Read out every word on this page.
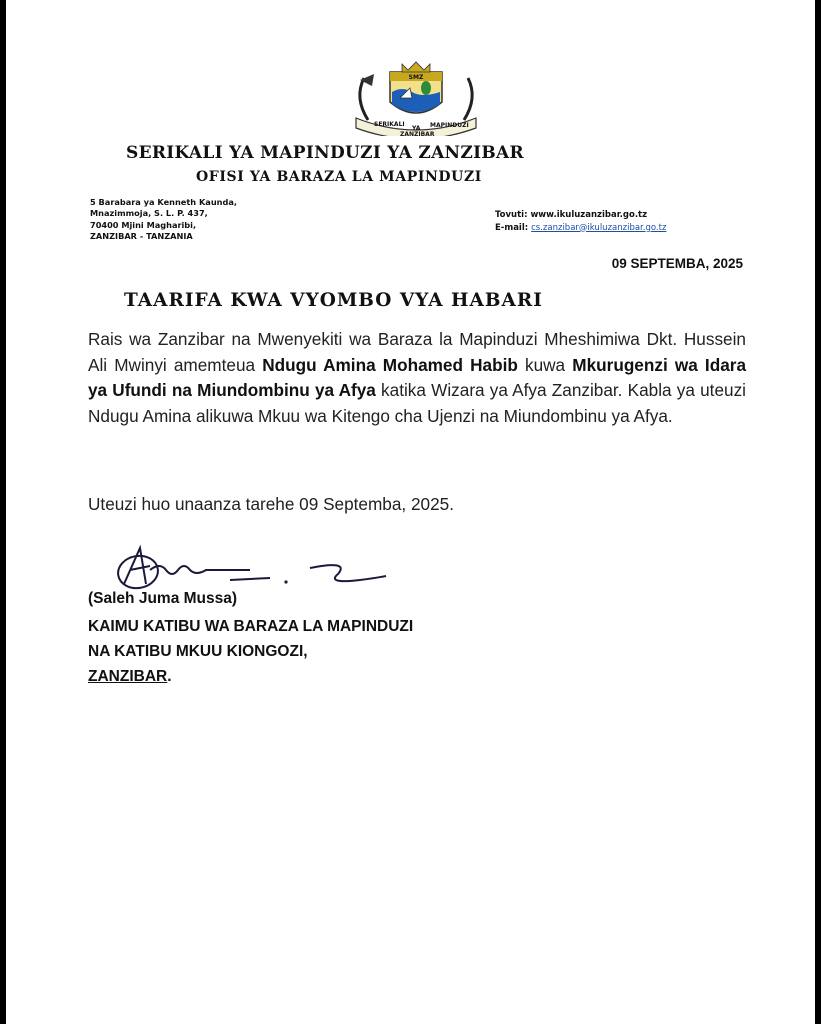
SMZ
SERIKALI
YA MAPINDUZI
ZANZIBAR
SERIKALI YA MAPINDUZI YA ZANZIBAR
OFISI YA BARAZA LA MAPINDUZI
5 Barabara ya Kenneth Kaunda,
Mnazimmoja, S. L. P. 437,
70400 Mjini Magharibi,
ZANZIBAR - TANZANIA
Tovuti: www.ikuluzanzibar.go.tz
E-mail: cs.zanzibar@ikuluzanzibar.go.tz
09 SEPTEMBA, 2025
TAARIFA KWA VYOMBO VYA HABARI
Rais wa Zanzibar na Mwenyekiti wa Baraza la Mapinduzi Mheshimiwa Dkt. Hussein Ali Mwinyi amemteua Ndugu Amina Mohamed Habib kuwa Mkurugenzi wa Idara ya Ufundi na Miundombinu ya Afya katika Wizara ya Afya Zanzibar. Kabla ya uteuzi Ndugu Amina alikuwa Mkuu wa Kitengo cha Ujenzi na Miundombinu ya Afya.
Uteuzi huo unaanza tarehe 09 Septemba, 2025.
(Saleh Juma Mussa)
KAIMU KATIBU WA BARAZA LA MAPINDUZI
NA KATIBU MKUU KIONGOZI,
ZANZIBAR.
